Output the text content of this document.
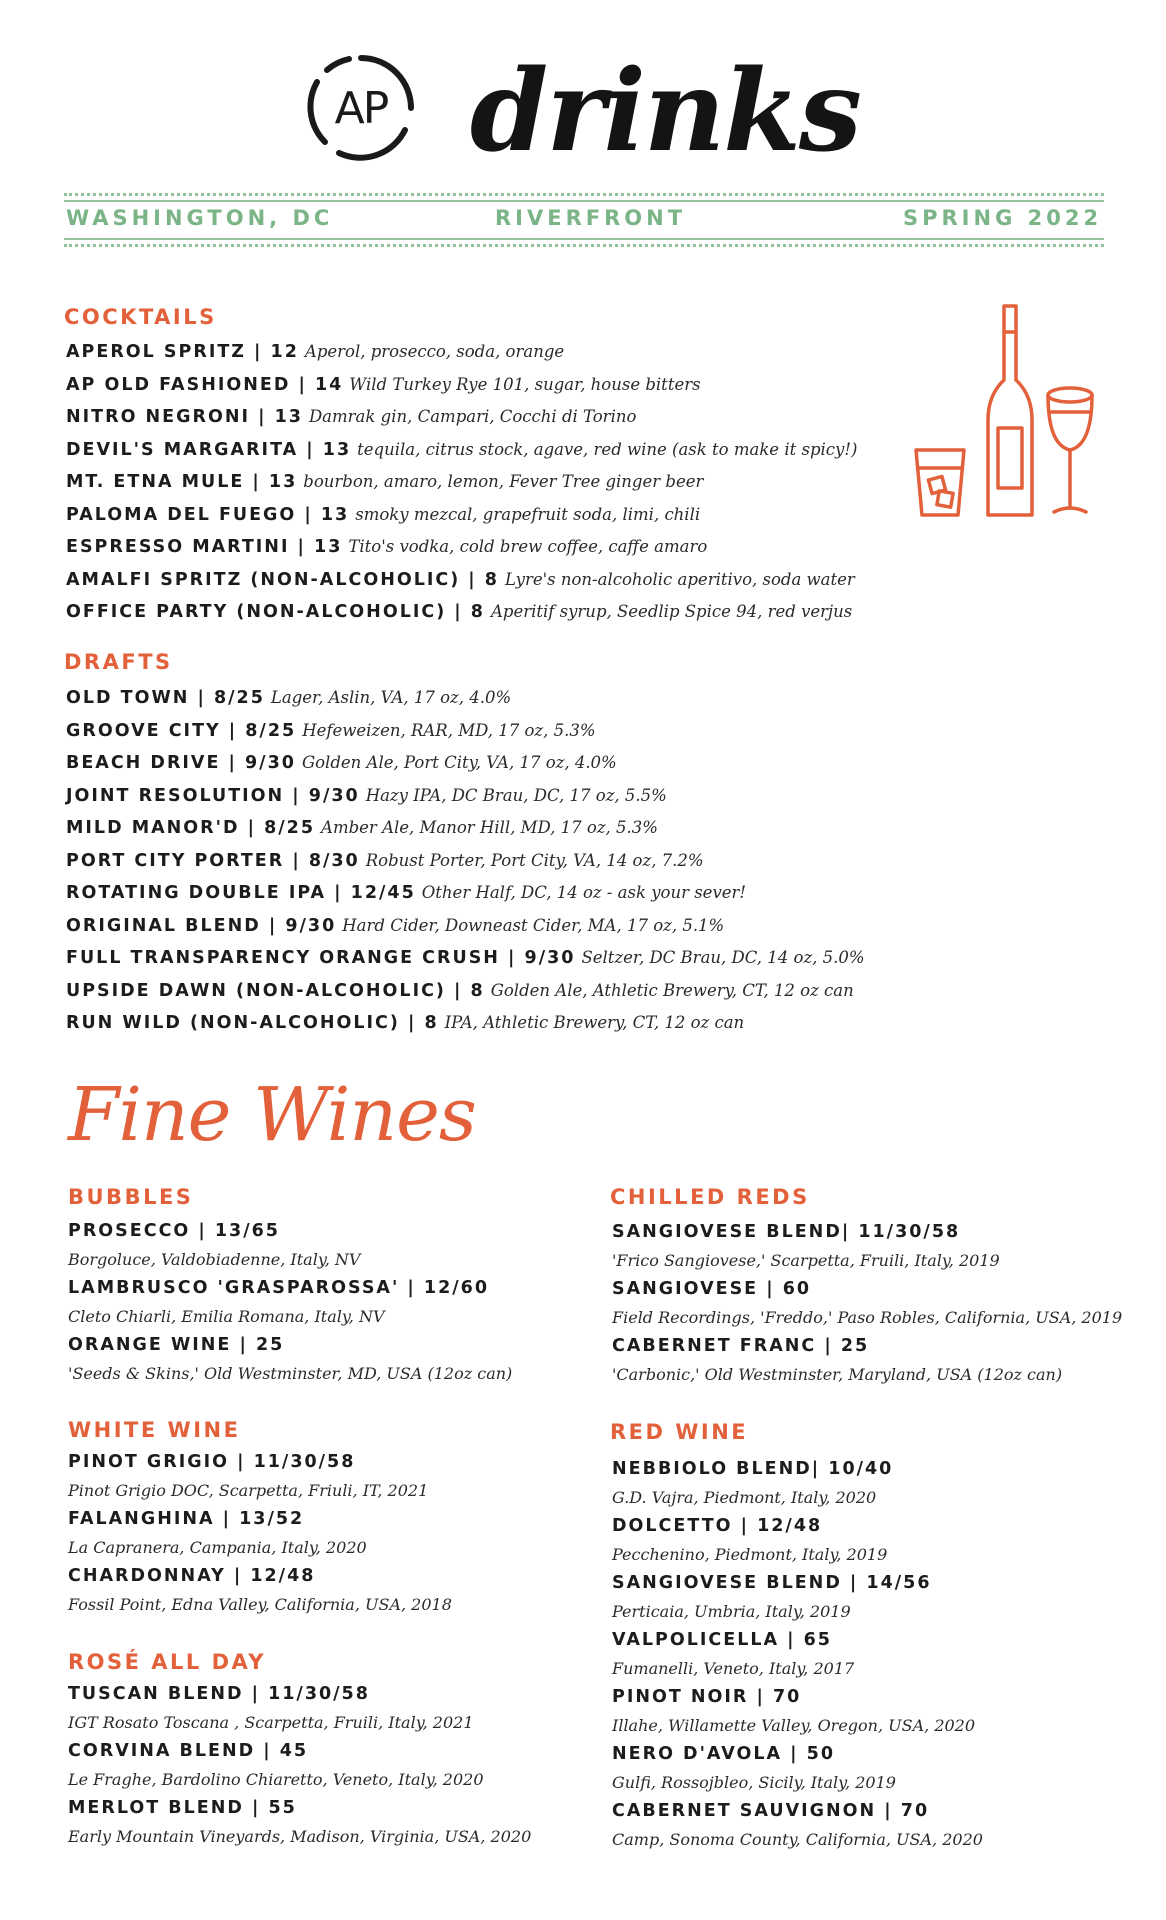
AP drinks
WASHINGTON, DC	RIVERFRONT	SPRING 2022
COCKTAILS
APEROL SPRITZ | 12 Aperol, prosecco, soda, orange
AP OLD FASHIONED | 14 Wild Turkey Rye 101, sugar, house bitters
NITRO NEGRONI | 13 Damrak gin, Campari, Cocchi di Torino
DEVIL'S MARGARITA | 13 tequila, citrus stock, agave, red wine (ask to make it spicy!)
MT. ETNA MULE | 13 bourbon, amaro, lemon, Fever Tree ginger beer
PALOMA DEL FUEGO | 13 smoky mezcal, grapefruit soda, limi, chili
ESPRESSO MARTINI | 13 Tito's vodka, cold brew coffee, caffe amaro
AMALFI SPRITZ (NON-ALCOHOLIC) | 8 Lyre's non-alcoholic aperitivo, soda water
OFFICE PARTY (NON-ALCOHOLIC) | 8 Aperitif syrup, Seedlip Spice 94, red verjus
DRAFTS
OLD TOWN | 8/25 Lager, Aslin, VA, 17 oz, 4.0%
GROOVE CITY | 8/25 Hefeweizen, RAR, MD, 17 oz, 5.3%
BEACH DRIVE | 9/30 Golden Ale, Port City, VA, 17 oz, 4.0%
JOINT RESOLUTION | 9/30 Hazy IPA, DC Brau, DC, 17 oz, 5.5%
MILD MANOR'D | 8/25 Amber Ale, Manor Hill, MD, 17 oz, 5.3%
PORT CITY PORTER | 8/30 Robust Porter, Port City, VA, 14 oz, 7.2%
ROTATING DOUBLE IPA | 12/45 Other Half, DC, 14 oz - ask your sever!
ORIGINAL BLEND | 9/30 Hard Cider, Downeast Cider, MA, 17 oz, 5.1%
FULL TRANSPARENCY ORANGE CRUSH | 9/30 Seltzer, DC Brau, DC, 14 oz, 5.0%
UPSIDE DAWN (NON-ALCOHOLIC) | 8 Golden Ale, Athletic Brewery, CT, 12 oz can
RUN WILD (NON-ALCOHOLIC) | 8 IPA, Athletic Brewery, CT, 12 oz can
Fine Wines
BUBBLES
PROSECCO | 13/65
Borgoluce, Valdobiadenne, Italy, NV
LAMBRUSCO 'GRASPAROSSA' | 12/60
Cleto Chiarli, Emilia Romana, Italy, NV
ORANGE WINE | 25
'Seeds & Skins,' Old Westminster, MD, USA (12oz can)
WHITE WINE
PINOT GRIGIO | 11/30/58
Pinot Grigio DOC, Scarpetta, Friuli, IT, 2021
FALANGHINA | 13/52
La Capranera, Campania, Italy, 2020
CHARDONNAY | 12/48
Fossil Point, Edna Valley, California, USA, 2018
ROSÉ ALL DAY
TUSCAN BLEND | 11/30/58
IGT Rosato Toscana , Scarpetta, Fruili, Italy, 2021
CORVINA BLEND | 45
Le Fraghe, Bardolino Chiaretto, Veneto, Italy, 2020
MERLOT BLEND | 55
Early Mountain Vineyards, Madison, Virginia, USA, 2020
CHILLED REDS
SANGIOVESE BLEND| 11/30/58
'Frico Sangiovese,' Scarpetta, Fruili, Italy, 2019
SANGIOVESE | 60
Field Recordings, 'Freddo,' Paso Robles, California, USA, 2019
CABERNET FRANC | 25
'Carbonic,' Old Westminster, Maryland, USA (12oz can)
RED WINE
NEBBIOLO BLEND| 10/40
G.D. Vajra, Piedmont, Italy, 2020
DOLCETTO | 12/48
Pecchenino, Piedmont, Italy, 2019
SANGIOVESE BLEND | 14/56
Perticaia, Umbria, Italy, 2019
VALPOLICELLA | 65
Fumanelli, Veneto, Italy, 2017
PINOT NOIR | 70
Illahe, Willamette Valley, Oregon, USA, 2020
NERO D'AVOLA | 50
Gulfi, Rossojbleo, Sicily, Italy, 2019
CABERNET SAUVIGNON | 70
Camp, Sonoma County, California, USA, 2020
